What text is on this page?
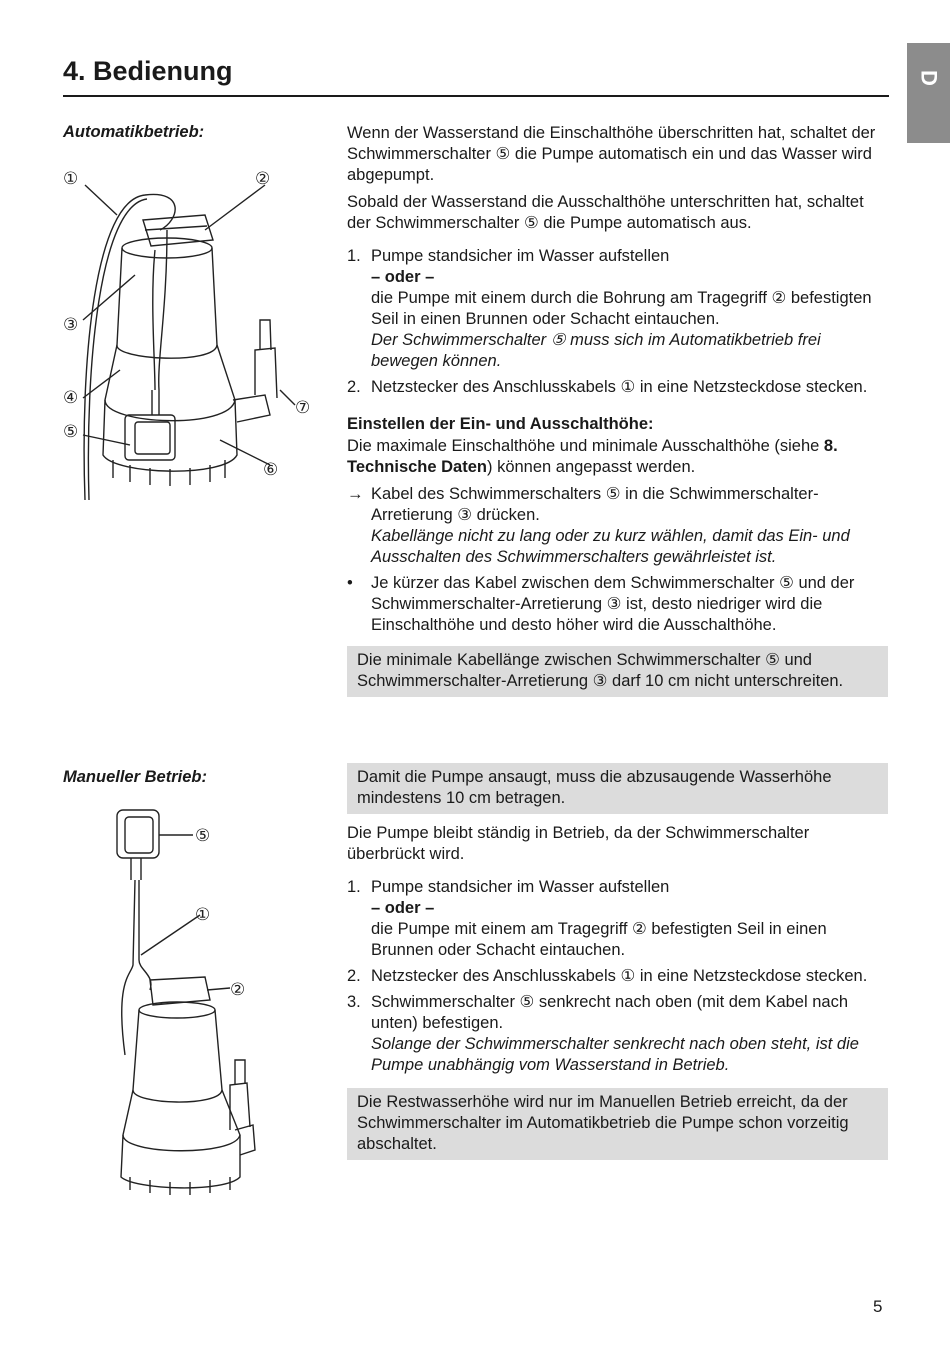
D
4. Bedienung
Automatikbetrieb:
①	②
③
④
⑤
⑦
⑥

Wenn der Wasserstand die Einschalthöhe überschritten hat, schaltet der Schwimmerschalter ⑤ die Pumpe automatisch ein und das Wasser wird abgepumpt.

Sobald der Wasserstand die Ausschalthöhe unterschritten hat, schaltet der Schwimmerschalter ⑤ die Pumpe automatisch aus.

1. Pumpe standsicher im Wasser aufstellen

– oder –

die Pumpe mit einem durch die Bohrung am Tragegriff ② befestigten Seil in einen Brunnen oder Schacht eintauchen.

Der Schwimmerschalter ⑤ muss sich im Automatikbetrieb frei bewegen können.

2. Netzstecker des Anschlusskabels ① in eine Netzsteckdose stecken.

Einstellen der Ein- und Ausschalthöhe:

Die maximale Einschalthöhe und minimale Ausschalthöhe (siehe 8. Technische Daten) können angepasst werden.

→ Kabel des Schwimmerschalters ⑤ in die Schwimmerschalter-Arretierung ③ drücken.

Kabellänge nicht zu lang oder zu kurz wählen, damit das Ein- und Ausschalten des Schwimmerschalters gewährleistet ist.

• Je kürzer das Kabel zwischen dem Schwimmerschalter ⑤ und der Schwimmerschalter-Arretierung ③ ist, desto niedriger wird die Einschalthöhe und desto höher wird die Ausschalthöhe.

Die minimale Kabellänge zwischen Schwimmerschalter ⑤ und Schwimmerschalter-Arretierung ③ darf 10 cm nicht unterschreiten.
Manueller Betrieb:
⑤
①
②
Damit die Pumpe ansaugt, muss die abzusaugende Wasserhöhe mindestens 10 cm betragen.

Die Pumpe bleibt ständig in Betrieb, da der Schwimmerschalter überbrückt wird.

1. Pumpe standsicher im Wasser aufstellen

– oder –

die Pumpe mit einem am Tragegriff ② befestigten Seil in einen Brunnen oder Schacht eintauchen.

2. Netzstecker des Anschlusskabels ① in eine Netzsteckdose stecken.

3. Schwimmerschalter ⑤ senkrecht nach oben (mit dem Kabel nach unten) befestigen.

Solange der Schwimmerschalter senkrecht nach oben steht, ist die Pumpe unabhängig vom Wasserstand in Betrieb.

Die Restwasserhöhe wird nur im Manuellen Betrieb erreicht, da der Schwimmerschalter im Automatikbetrieb die Pumpe schon vorzeitig abschaltet.
5
